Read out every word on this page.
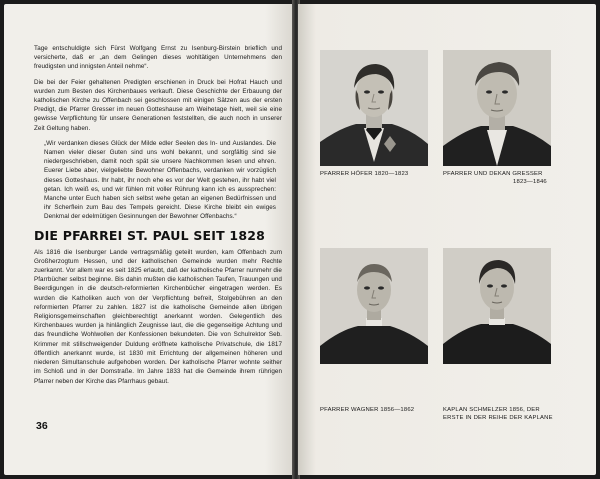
Tage entschuldigte sich Fürst Wolfgang Ernst zu Isenburg-Birstein brieflich und versicherte, daß er „an dem Gelingen dieses wohltätigen Unternehmens den freudigsten und innigsten Anteil nehme“.

Die bei der Feier gehaltenen Predigten erschienen in Druck bei Hofrat Hauch und wurden zum Besten des Kirchenbaues verkauft. Diese Geschichte der Erbauung der katholischen Kirche zu Offenbach sei geschlossen mit einigen Sätzen aus der ersten Predigt, die Pfarrer Gresser im neuen Gotteshause am Weihetage hielt, weil sie eine gewisse Verpflichtung für unsere Generationen feststellten, die auch noch in unserer Zeit Geltung haben.

„Wir verdanken dieses Glück der Milde edler Seelen des In- und Auslandes. Die Namen vieler dieser Guten sind uns wohl bekannt, und sorgfältig sind sie niedergeschrieben, damit noch spät sie unsere Nachkommen lesen und ehren. Euerer Liebe aber, vielgeliebte Bewohner Offenbachs, verdanken wir vorzüglich dieses Gotteshaus. Ihr habt, ihr noch ehe es vor der Welt gestehen, ihr habt viel getan. Ich weiß es, und wir fühlen mit voller Rührung kann ich es aussprechen: Manche unter Euch haben sich selbst wehe getan an eigenen Bedürfnissen und ihr Scherflein zum Bau des Tempels gereicht. Diese Kirche bleibt ein ewiges Denkmal der edelmütigen Gesinnungen der Bewohner Offenbachs.“

DIE PFARREI ST. PAUL SEIT 1828

Als 1816 die Isenburger Lande vertragsmäßig geteilt wurden, kam Offenbach zum Großherzogtum Hessen, und der katholischen Gemeinde wurden mehr Rechte zuerkannt. Vor allem war es seit 1825 erlaubt, daß der katholische Pfarrer nunmehr die Pfarrbücher selbst beginne. Bis dahin mußten die katholischen Taufen, Trauungen und Beerdigungen in die deutsch-reformierten Kirchenbücher eingetragen werden. Es wurden die Katholiken auch von der Verpflichtung befreit, Stolgebühren an den reformierten Pfarrer zu zahlen. 1827 ist die katholische Gemeinde allen übrigen Religionsgemeinschaften gleichberechtigt anerkannt worden. Gelegentlich des Kirchenbaues wurden ja hinlänglich Zeugnisse laut, die die gegenseitige Achtung und das freundliche Wohlwollen der Konfessionen bekundeten. Die von Schulrektor Seb. Krimmer mit stillschweigender Duldung eröffnete katholische Privatschule, die 1817 öffentlich anerkannt wurde, ist 1830 mit Errichtung der allgemeinen höheren und niederen Simultanschule aufgehoben worden. Der katholische Pfarrer wohnte seither im Schloß und in der Domstraße. Im Jahre 1833 hat die Gemeinde ihrem rührigen Pfarrer neben der Kirche das Pfarrhaus gebaut.

36
PFARRER HÖFER 1820—1823	PFARRER UND DEKAN GRESSER
1823—1846
PFARRER WAGNER 1856—1862	KAPLAN SCHMELZER 1856, DER
ERSTE IN DER REIHE DER KAPLANE
